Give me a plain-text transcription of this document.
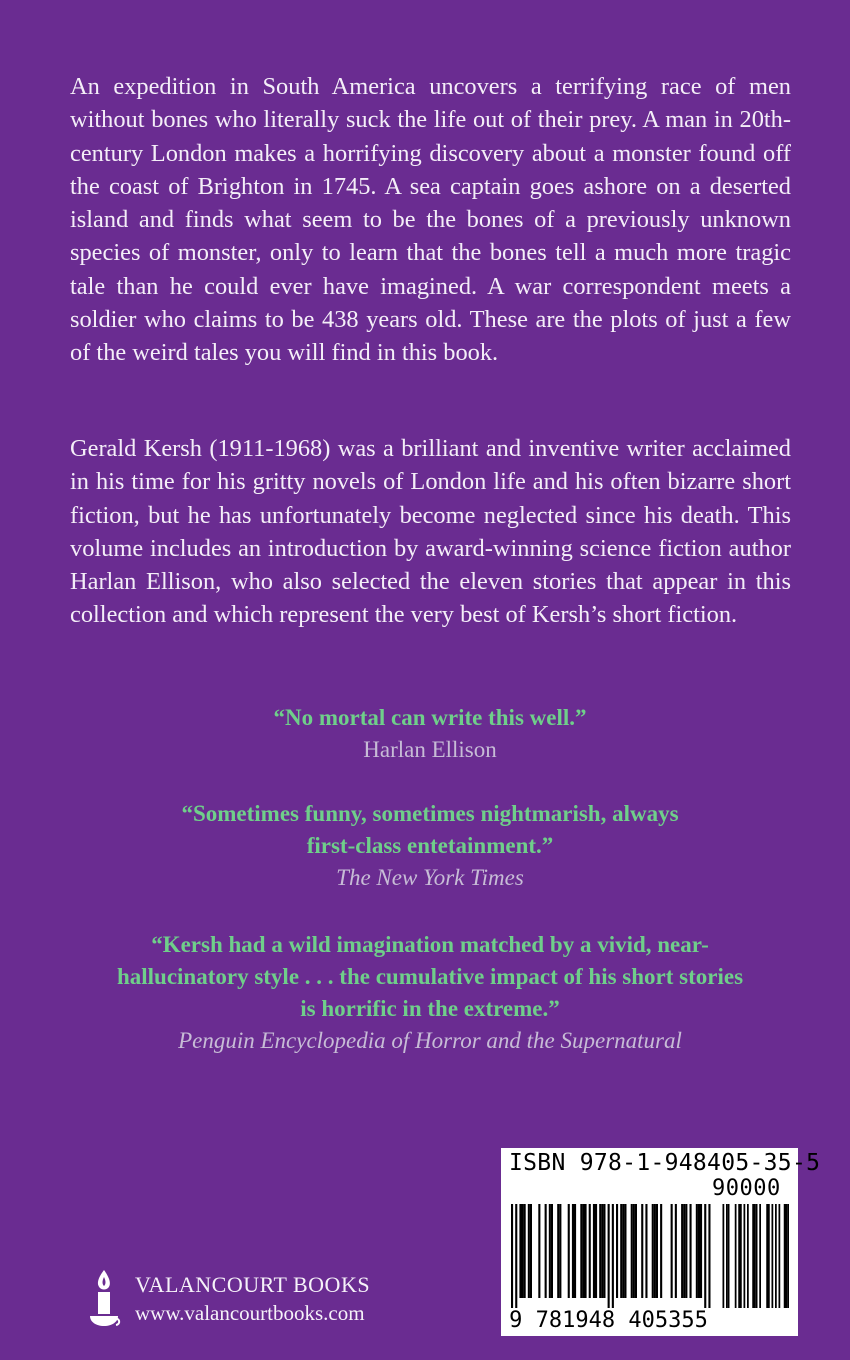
An expedition in South America uncovers a terrifying race of men without bones who literally suck the life out of their prey. A man in 20th-century London makes a horrifying discovery about a monster found off the coast of Brighton in 1745. A sea captain goes ashore on a deserted island and finds what seem to be the bones of a previously unknown species of monster, only to learn that the bones tell a much more tragic tale than he could ever have imagined. A war correspondent meets a soldier who claims to be 438 years old. These are the plots of just a few of the weird tales you will find in this book.

Gerald Kersh (1911-1968) was a brilliant and inventive writer acclaimed in his time for his gritty novels of London life and his often bizarre short fiction, but he has unfortunately become neglected since his death. This volume includes an introduction by award-winning science fiction author Harlan Ellison, who also selected the eleven stories that appear in this collection and which represent the very best of Kersh’s short fiction.

“No mortal can write this well.”
Harlan Ellison
“Sometimes funny, sometimes nightmarish, always
first-class entetainment.”
The New York Times
“Kersh had a wild imagination matched by a vivid, near-
hallucinatory style . . . the cumulative impact of his short stories
is horrific in the extreme.”
Penguin Encyclopedia of Horror and the Supernatural
VALANCOURT BOOKS
www.valancourtbooks.com
ISBN 978-1-948405-35-5
90000
9 781948 405355
